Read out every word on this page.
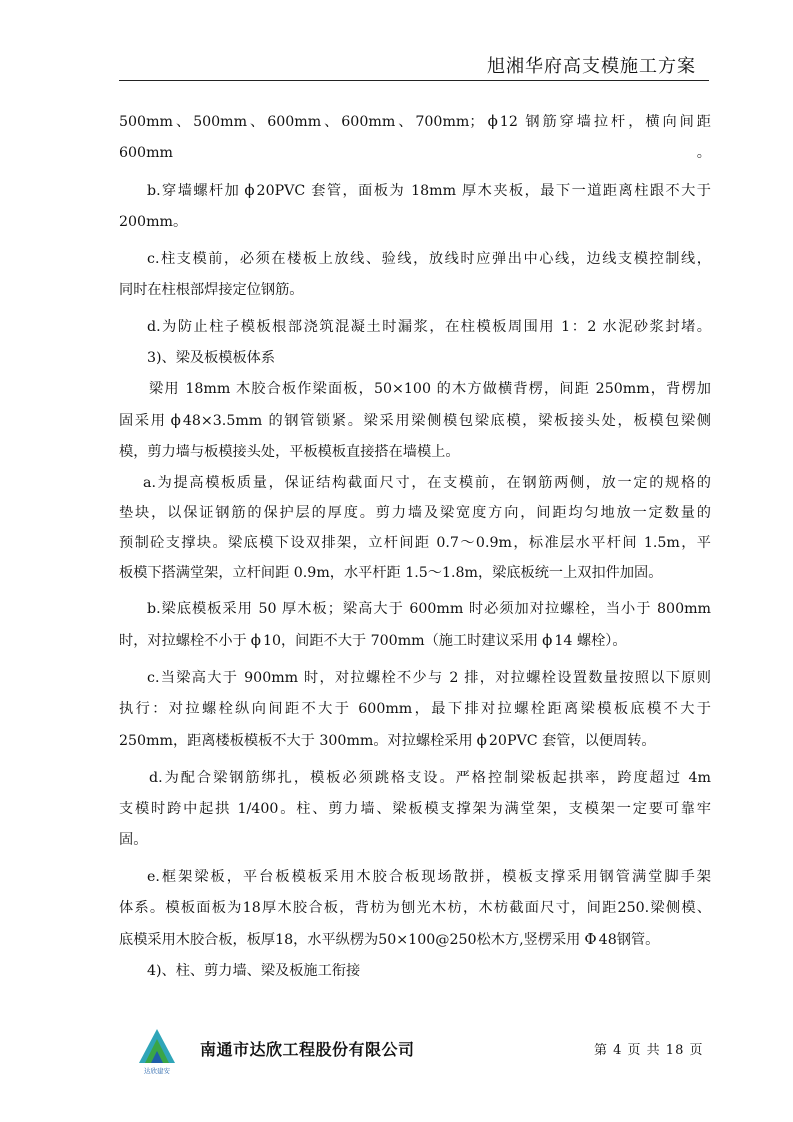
旭湘华府高支模施工方案

500mm、500mm、600mm、600mm、700mm； ϕ 12 钢筋穿墙拉杆，横向间距 600mm。

b.穿墙螺杆加 ϕ 20PVC 套管，面板为 18mm 厚木夹板，最下一道距离柱跟不大于

200mm。

c.柱支模前，必须在楼板上放线、验线，放线时应弹出中心线，边线支模控制线，

同时在柱根部焊接定位钢筋。

d.为防止柱子模板根部浇筑混凝土时漏浆，在柱模板周围用 1：2 水泥砂浆封堵。

3)、梁及板模板体系

梁用 18mm 木胶合板作梁面板，50×100 的木方做横背楞，间距 250mm，背楞加

固采用 ϕ 48×3.5mm 的钢管锁紧。梁采用梁侧模包梁底模，梁板接头处，板模包梁侧

模，剪力墙与板模接头处，平板模板直接搭在墙模上。

a.为提高模板质量，保证结构截面尺寸，在支模前，在钢筋两侧，放一定的规格的

垫块，以保证钢筋的保护层的厚度。剪力墙及梁宽度方向，间距均匀地放一定数量的

预制砼支撑块。梁底模下设双排架，立杆间距 0.7～0.9m，标准层水平杆间 1.5m，平

板模下搭满堂架，立杆间距 0.9m，水平杆距 1.5～1.8m，梁底板统一上双扣件加固。

b.梁底模板采用 50 厚木板；梁高大于 600mm 时必须加对拉螺栓，当小于 800mm

时，对拉螺栓不小于 ϕ 10，间距不大于 700mm（施工时建议采用 ϕ 14 螺栓）。

c.当梁高大于 900mm 时，对拉螺栓不少与 2 排，对拉螺栓设置数量按照以下原则

执行：对拉螺栓纵向间距不大于 600mm，最下排对拉螺栓距离梁模板底模不大于

250mm，距离楼板模板不大于 300mm。对拉螺栓采用 ϕ 20PVC 套管，以便周转。

d.为配合梁钢筋绑扎，模板必须跳格支设。严格控制梁板起拱率，跨度超过 4m

支模时跨中起拱 1/400。柱、剪力墙、梁板模支撑架为满堂架，支模架一定要可靠牢

固。

e.框架梁板，平台板模板采用木胶合板现场散拼，模板支撑采用钢管满堂脚手架

体系。模板面板为18厚木胶合板，背枋为刨光木枋，木枋截面尺寸，间距250.梁侧模、

底模采用木胶合板，板厚18，水平纵楞为50×100@250松木方,竖楞采用 Φ 48钢管。

4)、柱、剪力墙、梁及板施工衔接

达欣建安
南通市达欣工程股份有限公司	第 4 页 共 18 页
